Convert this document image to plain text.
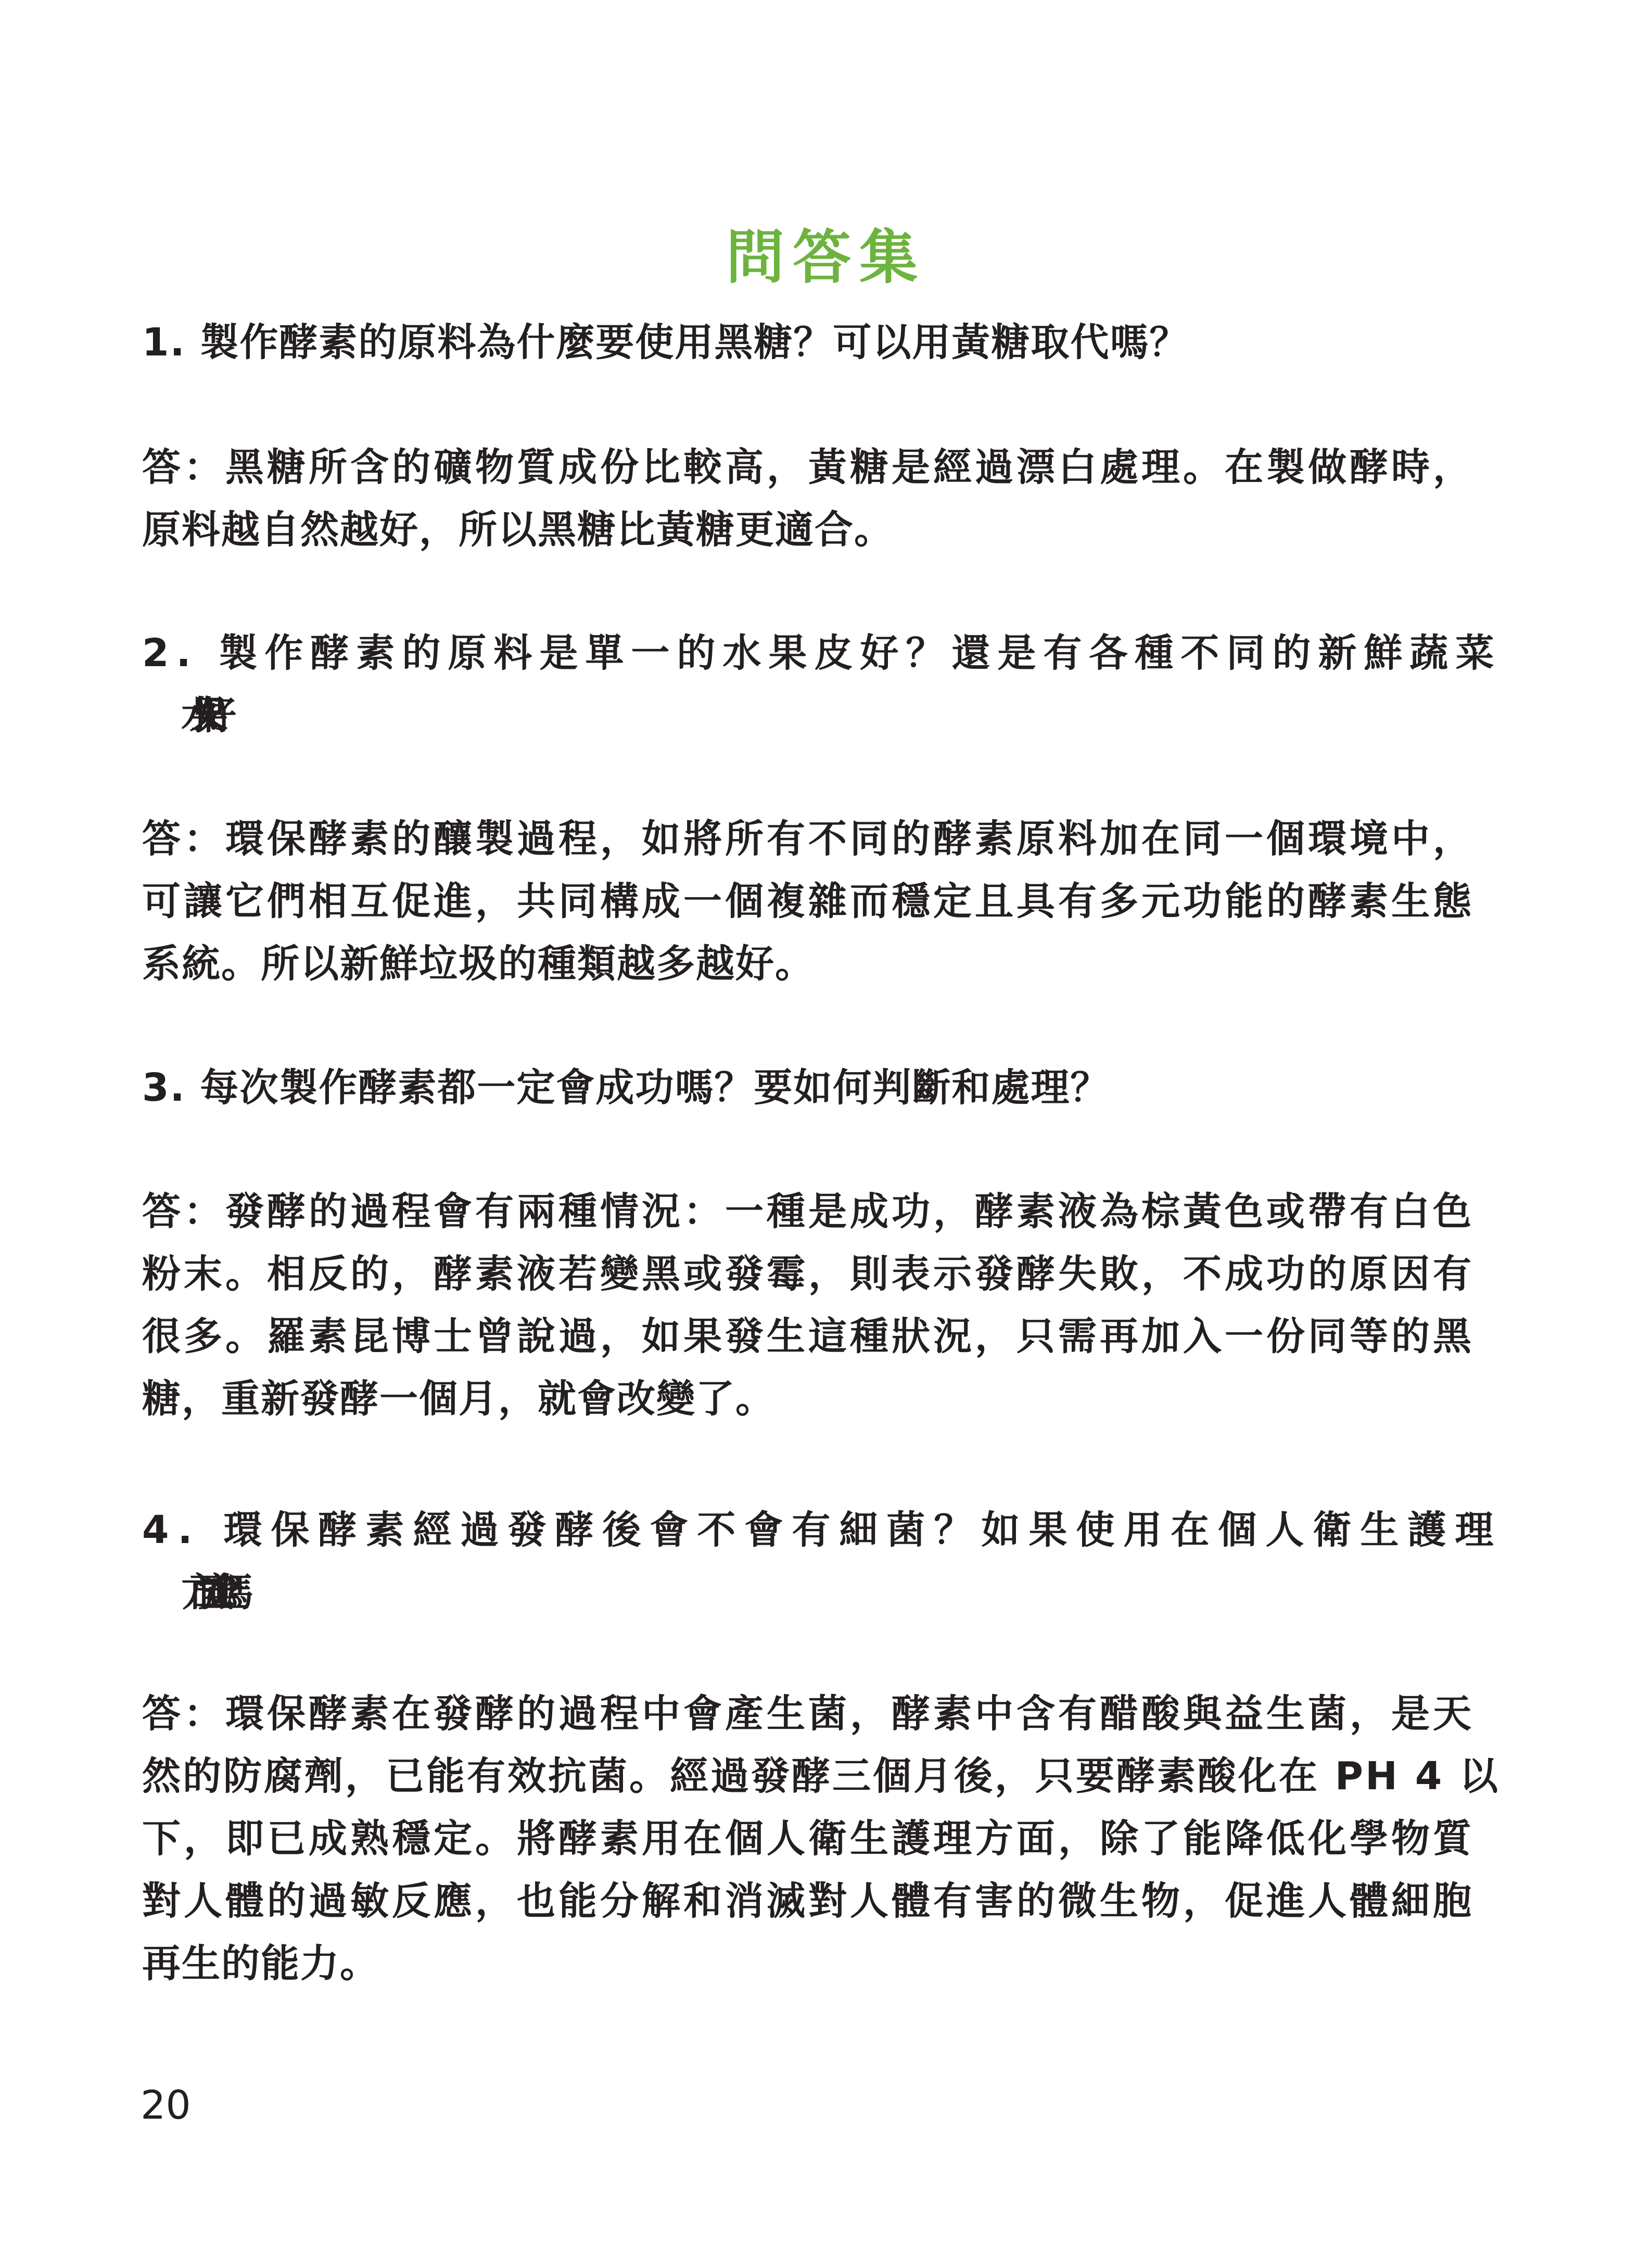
問答集

1. 製作酵素的原料為什麼要使用黑糖？可以用黃糖取代嗎？

答：黑糖所含的礦物質成份比較高，黃糖是經過漂白處理。在製做酵時，

原料越自然越好，所以黑糖比黃糖更適合。

2. 製作酵素的原料是單一的水果皮好？還是有各種不同的新鮮蔬菜

水果好？

答：環保酵素的釀製過程，如將所有不同的酵素原料加在同一個環境中，

可讓它們相互促進，共同構成一個複雜而穩定且具有多元功能的酵素生態

系統。所以新鮮垃圾的種類越多越好。

3. 每次製作酵素都一定會成功嗎？要如何判斷和處理？

答：發酵的過程會有兩種情況：一種是成功，酵素液為棕黃色或帶有白色

粉末。相反的，酵素液若變黑或發霉，則表示發酵失敗，不成功的原因有

很多。羅素昆博士曾說過，如果發生這種狀況，只需再加入一份同等的黑

糖，重新發酵一個月，就會改變了。

4. 環保酵素經過發酵後會不會有細菌？如果使用在個人衛生護理

方面安全嗎？

答：環保酵素在發酵的過程中會產生菌，酵素中含有醋酸與益生菌，是天

然的防腐劑，已能有效抗菌。經過發酵三個月後，只要酵素酸化在 PH 4 以

下，即已成熟穩定。將酵素用在個人衛生護理方面，除了能降低化學物質

對人體的過敏反應，也能分解和消滅對人體有害的微生物，促進人體細胞

再生的能力。

20
